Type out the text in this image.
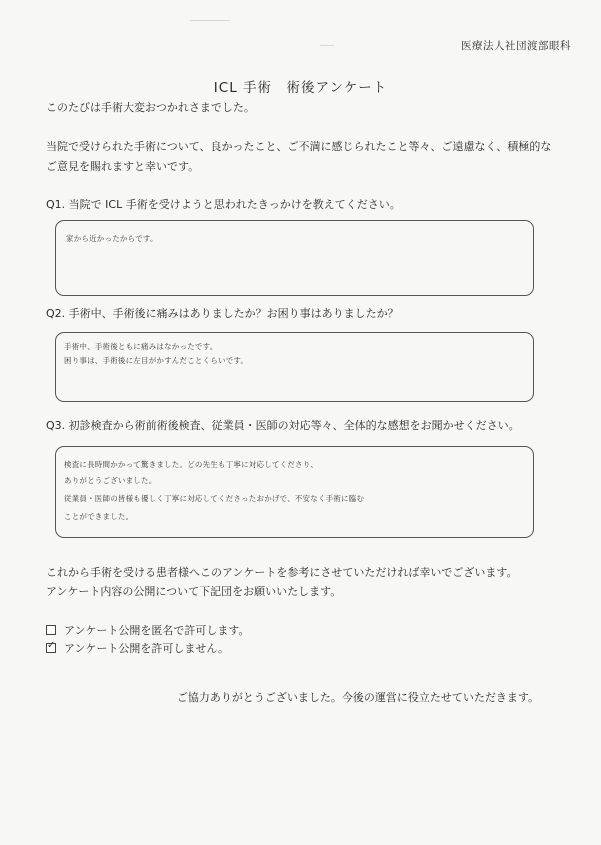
医療法人社団渡部眼科
ICL 手術　術後アンケート
このたびは手術大変おつかれさまでした。
当院で受けられた手術について、良かったこと、ご不満に感じられたこと等々、ご遠慮なく、積極的な
ご意見を賜れますと幸いです。
Q1. 当院で ICL 手術を受けようと思われたきっかけを教えてください。
家から近かったからです。
Q2. 手術中、手術後に痛みはありましたか？お困り事はありましたか？
手術中、手術後ともに痛みはなかったです。
困り事は、手術後に左目がかすんだことくらいです。
Q3. 初診検査から術前術後検査、従業員・医師の対応等々、全体的な感想をお聞かせください。
検査に長時間かかって驚きました。どの先生も丁寧に対応してくださり、
ありがとうございました。
従業員・医師の皆様も優しく丁寧に対応してくださったおかげで、不安なく手術に臨む
ことができました。
これから手術を受ける患者様へこのアンケートを参考にさせていただければ幸いでございます。
アンケート内容の公開について下記団をお願いいたします。
アンケート公開を匿名で許可します。
✓
アンケート公開を許可しません。
ご協力ありがとうございました。今後の運営に役立たせていただきます。
